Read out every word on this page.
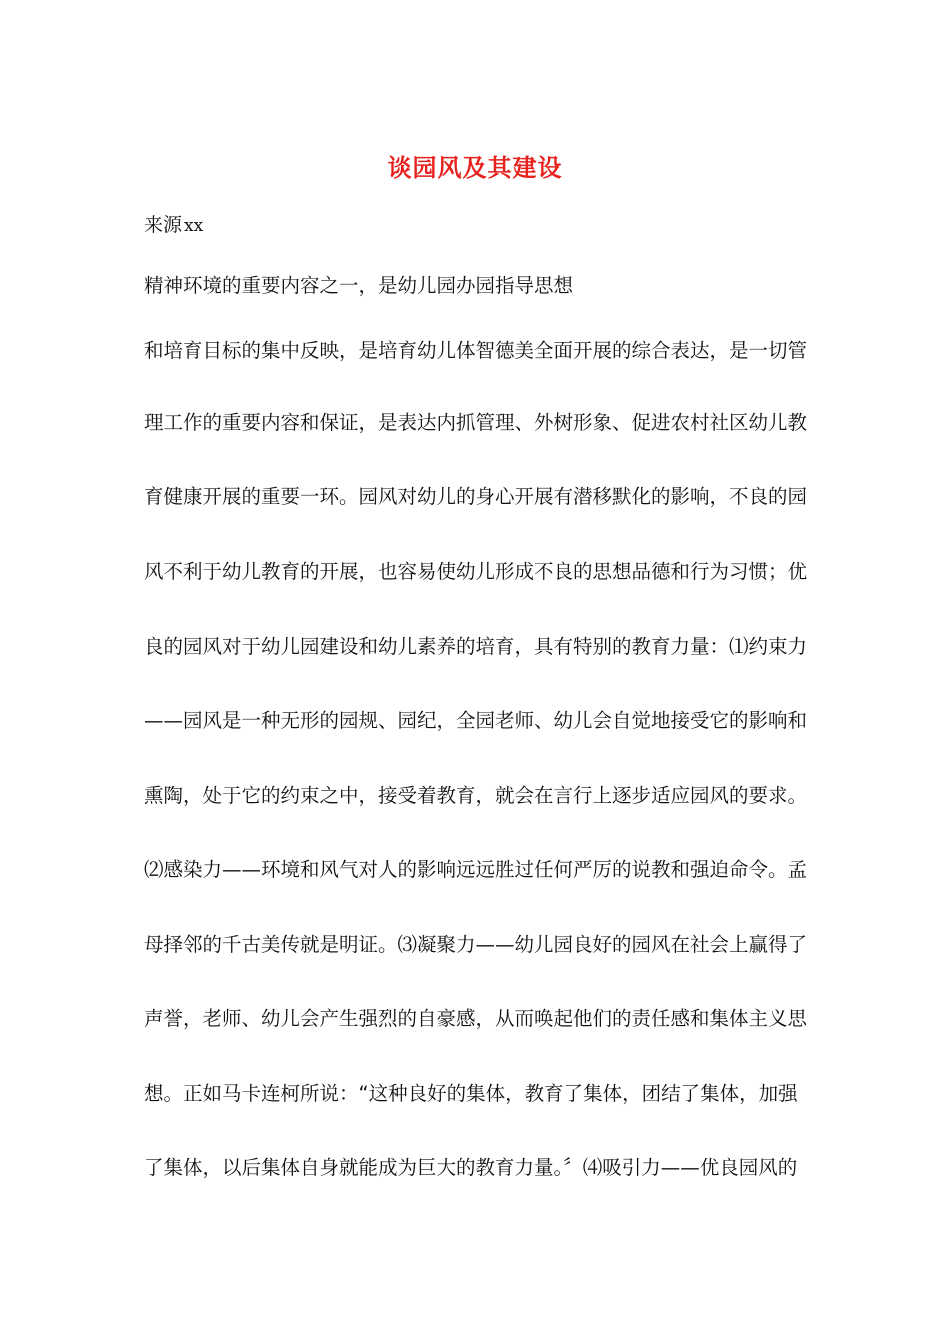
谈园风及其建设
来源 xx
精神环境的重要内容之一，是幼儿园办园指导思想
和培育目标的集中反映，是培育幼儿体智德美全面开展的综合表达，是一切管
理工作的重要内容和保证，是表达内抓管理、外树形象、促进农村社区幼儿教
育健康开展的重要一环。园风对幼儿的身心开展有潜移默化的影响，不良的园
风不利于幼儿教育的开展，也容易使幼儿形成不良的思想品德和行为习惯；优
良的园风对于幼儿园建设和幼儿素养的培育，具有特别的教育力量：⑴约束力
——园风是一种无形的园规、园纪，全园老师、幼儿会自觉地接受它的影响和
熏陶，处于它的约束之中，接受着教育，就会在言行上逐步适应园风的要求。
⑵感染力——环境和风气对人的影响远远胜过任何严厉的说教和强迫命令。孟
母择邻的千古美传就是明证。⑶凝聚力——幼儿园良好的园风在社会上赢得了
声誉，老师、幼儿会产生强烈的自豪感，从而唤起他们的责任感和集体主义思
想。正如马卡连柯所说：“这种良好的集体，教育了集体，团结了集体，加强
了集体，以后集体自身就能成为巨大的教育力量。〞⑷吸引力——优良园风的
